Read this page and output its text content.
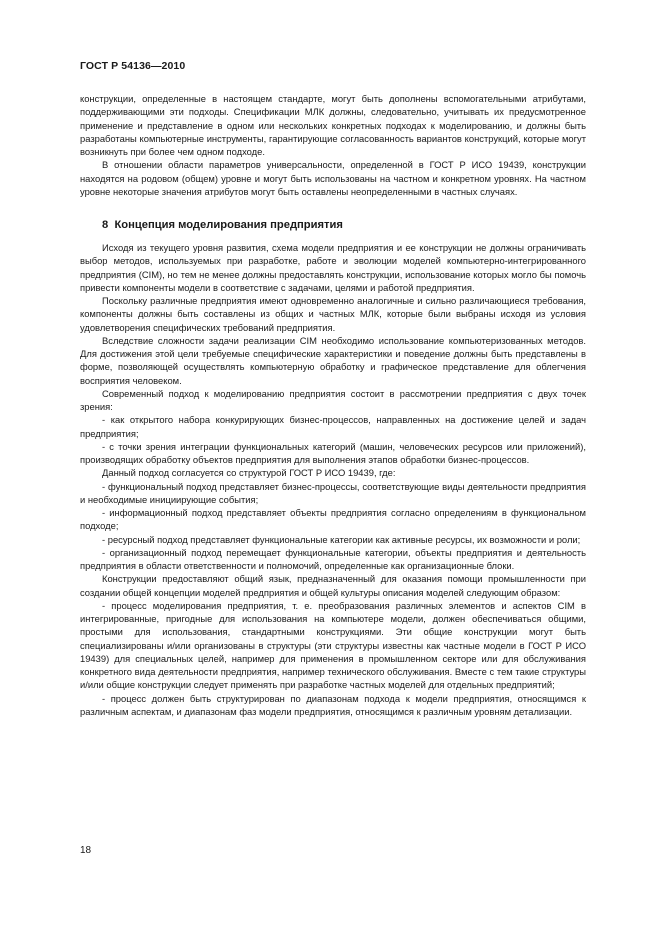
ГОСТ Р 54136—2010

конструкции, определенные в настоящем стандарте, могут быть дополнены вспомогательными атрибутами, поддерживающими эти подходы. Спецификации МЛК должны, следовательно, учитывать их предусмотренное применение и представление в одном или нескольких конкретных подходах к моделированию, и должны быть разработаны компьютерные инструменты, гарантирующие согласованность вариантов конструкций, которые могут возникнуть при более чем одном подходе.

В отношении области параметров универсальности, определенной в ГОСТ Р ИСО 19439, конструкции находятся на родовом (общем) уровне и могут быть использованы на частном и конкретном уровнях. На частном уровне некоторые значения атрибутов могут быть оставлены неопределенными в частных случаях.

8 Концепция моделирования предприятия

Исходя из текущего уровня развития, схема модели предприятия и ее конструкции не должны ограничивать выбор методов, используемых при разработке, работе и эволюции моделей компьютерно-интегрированного предприятия (CIM), но тем не менее должны предоставлять конструкции, использование которых могло бы помочь привести компоненты модели в соответствие с задачами, целями и работой предприятия.

Поскольку различные предприятия имеют одновременно аналогичные и сильно различающиеся требования, компоненты должны быть составлены из общих и частных МЛК, которые были выбраны исходя из условия удовлетворения специфических требований предприятия.

Вследствие сложности задачи реализации CIM необходимо использование компьютеризованных методов. Для достижения этой цели требуемые специфические характеристики и поведение должны быть представлены в форме, позволяющей осуществлять компьютерную обработку и графическое представление для облегчения восприятия человеком.

Современный подход к моделированию предприятия состоит в рассмотрении предприятия с двух точек зрения:

- как открытого набора конкурирующих бизнес-процессов, направленных на достижение целей и задач предприятия;

- с точки зрения интеграции функциональных категорий (машин, человеческих ресурсов или приложений), производящих обработку объектов предприятия для выполнения этапов обработки бизнес-процессов.

Данный подход согласуется со структурой ГОСТ Р ИСО 19439, где:

- функциональный подход представляет бизнес-процессы, соответствующие виды деятельности предприятия и необходимые инициирующие события;

- информационный подход представляет объекты предприятия согласно определениям в функциональном подходе;

- ресурсный подход представляет функциональные категории как активные ресурсы, их возможности и роли;

- организационный подход перемещает функциональные категории, объекты предприятия и деятельность предприятия в области ответственности и полномочий, определенные как организационные блоки.

Конструкции предоставляют общий язык, предназначенный для оказания помощи промышленности при создании общей концепции моделей предприятия и общей культуры описания моделей следующим образом:

- процесс моделирования предприятия, т. е. преобразования различных элементов и аспектов CIM в интегрированные, пригодные для использования на компьютере модели, должен обеспечиваться общими, простыми для использования, стандартными конструкциями. Эти общие конструкции могут быть специализированы и/или организованы в структуры (эти структуры известны как частные модели в ГОСТ Р ИСО 19439) для специальных целей, например для применения в промышленном секторе или для обслуживания конкретного вида деятельности предприятия, например технического обслуживания. Вместе с тем такие структуры и/или общие конструкции следует применять при разработке частных моделей для отдельных предприятий;

- процесс должен быть структурирован по диапазонам подхода к модели предприятия, относящимся к различным аспектам, и диапазонам фаз модели предприятия, относящимся к различным уровням детализации.

18
